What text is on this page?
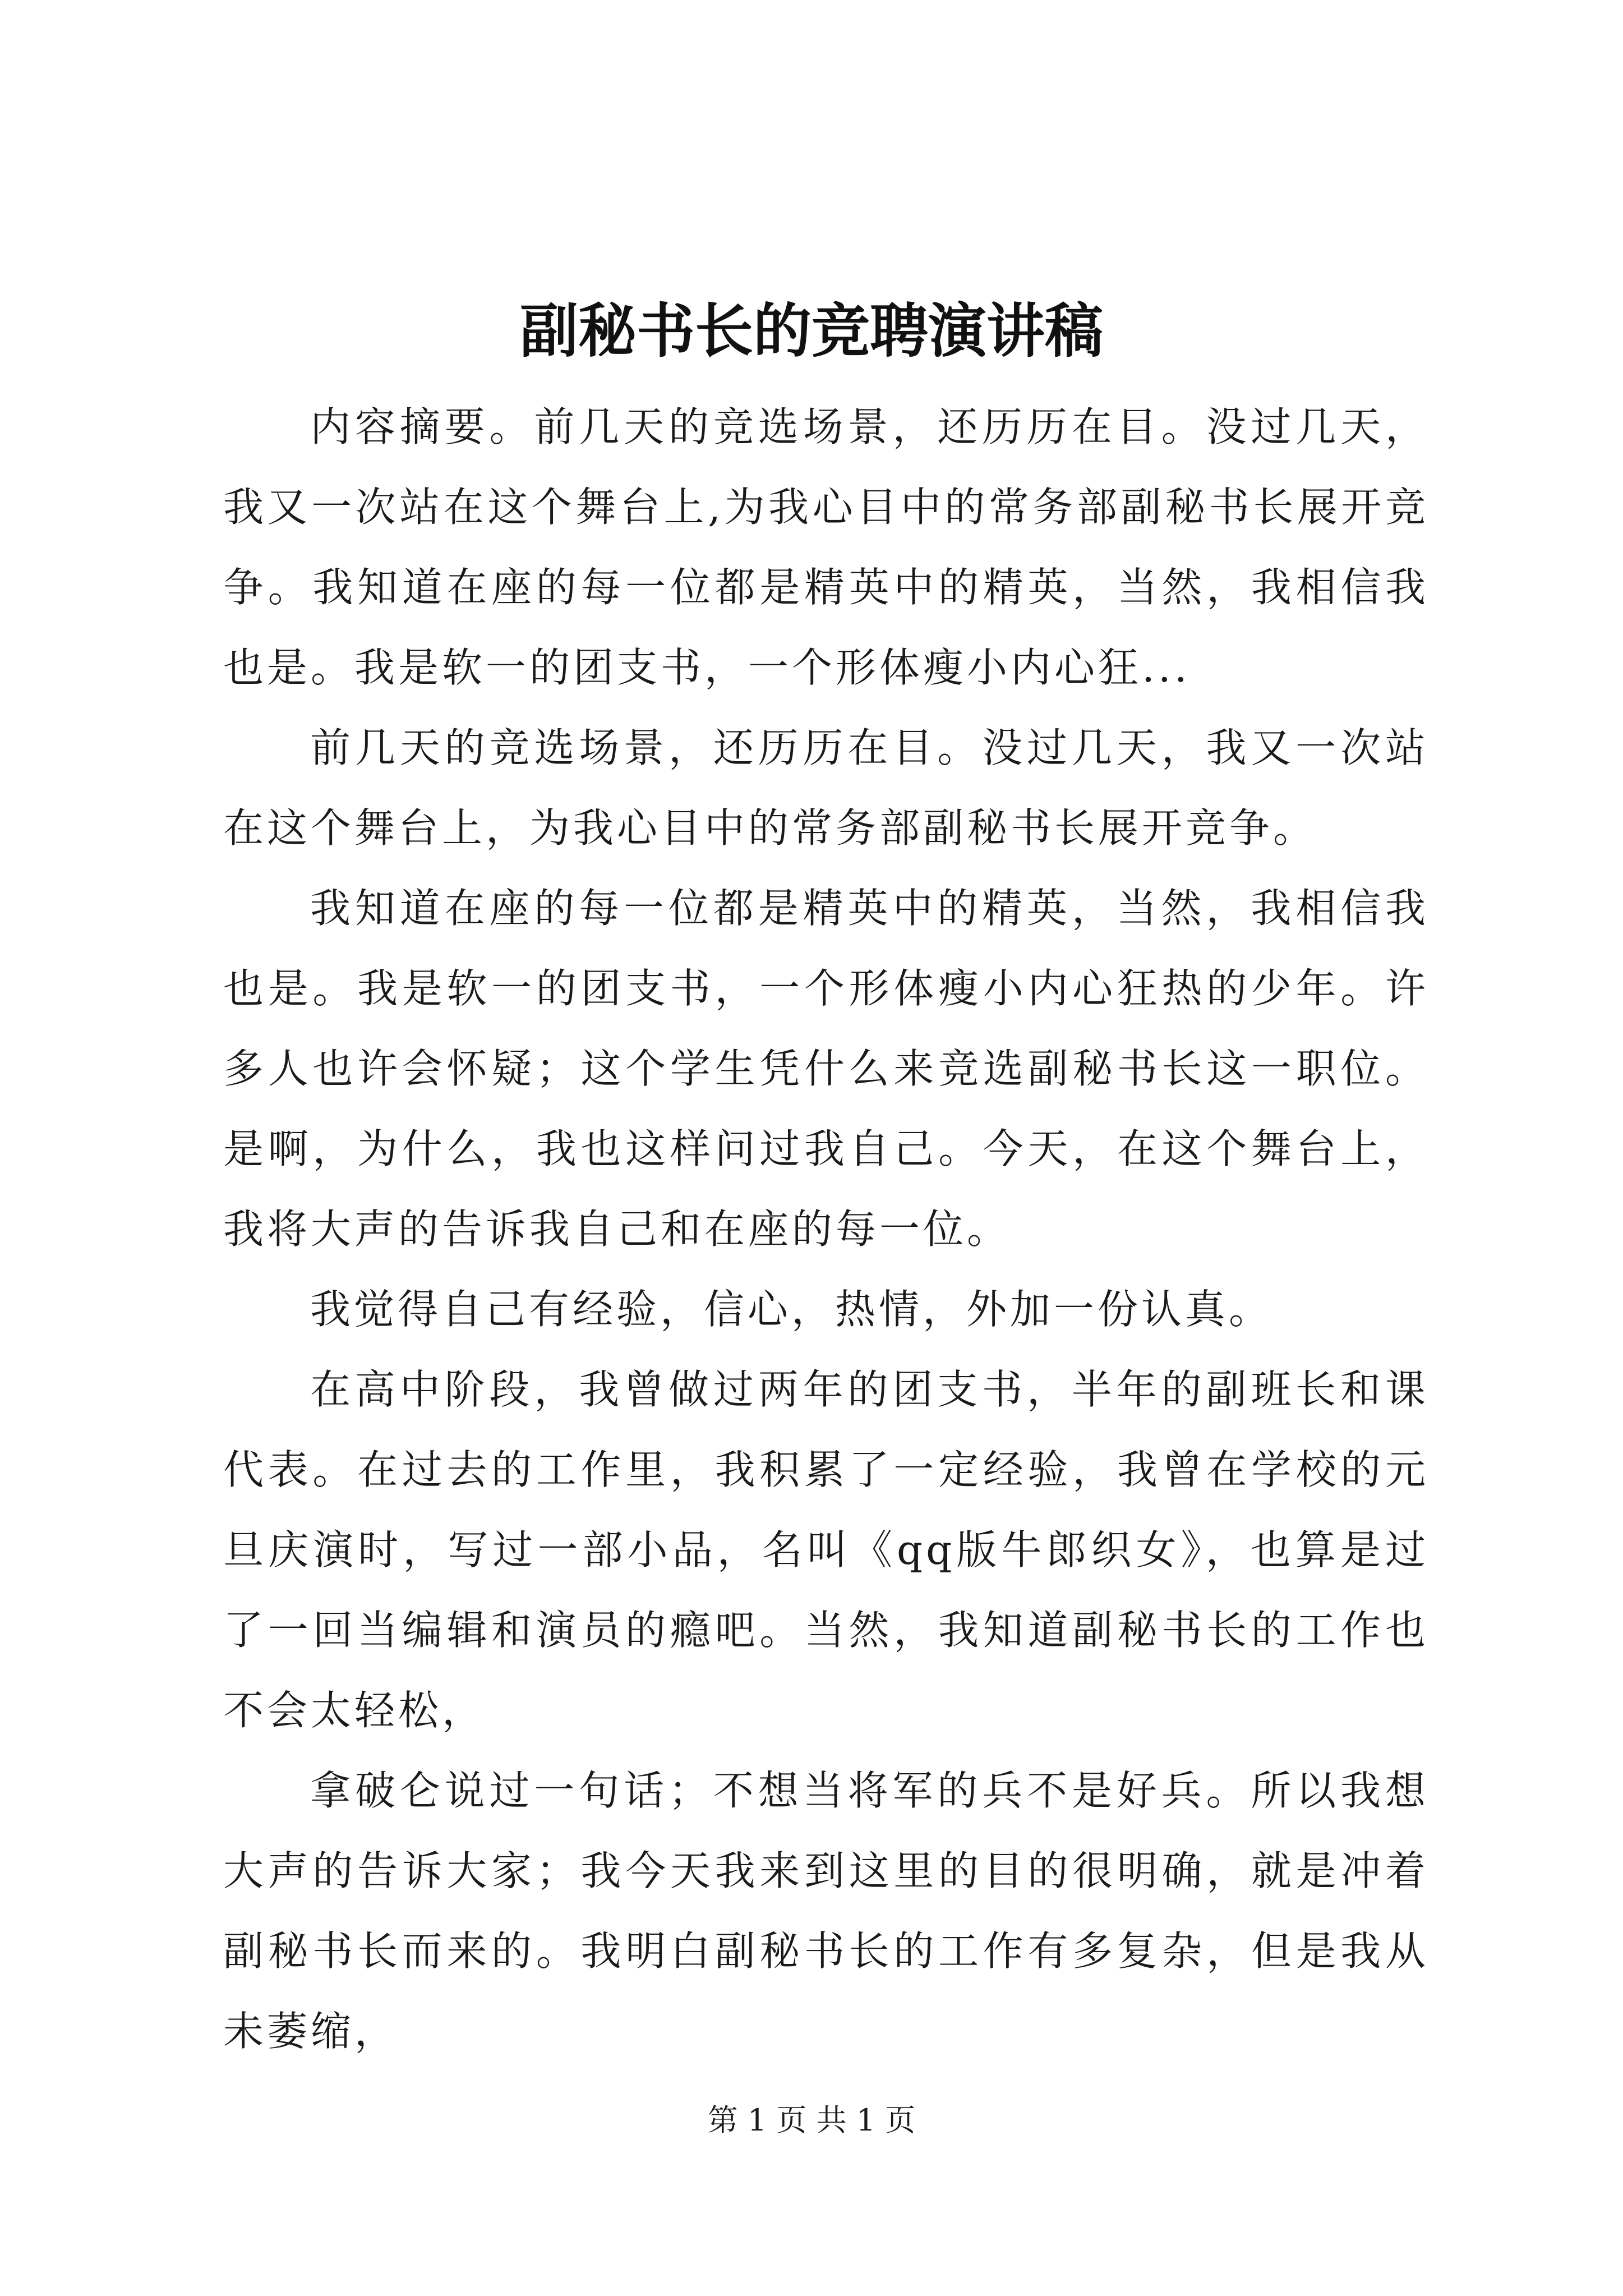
副秘书长的竞聘演讲稿

内容摘要。前几天的竞选场景，还历历在目。没过几天，我又一次站在这个舞台上,为我心目中的常务部副秘书长展开竞争。我知道在座的每一位都是精英中的精英，当然，我相信我也是。我是软一的团支书，一个形体瘦小内心狂...

前几天的竞选场景，还历历在目。没过几天，我又一次站在这个舞台上，为我心目中的常务部副秘书长展开竞争。

我知道在座的每一位都是精英中的精英，当然，我相信我也是。我是软一的团支书，一个形体瘦小内心狂热的少年。许多人也许会怀疑；这个学生凭什么来竞选副秘书长这一职位。是啊，为什么，我也这样问过我自己。今天，在这个舞台上，我将大声的告诉我自己和在座的每一位。

我觉得自己有经验，信心，热情，外加一份认真。

在高中阶段，我曾做过两年的团支书，半年的副班长和课代表。在过去的工作里，我积累了一定经验，我曾在学校的元旦庆演时，写过一部小品，名叫《qq版牛郎织女》，也算是过了一回当编辑和演员的瘾吧。当然，我知道副秘书长的工作也不会太轻松，

拿破仑说过一句话；不想当将军的兵不是好兵。所以我想大声的告诉大家；我今天我来到这里的目的很明确，就是冲着副秘书长而来的。我明白副秘书长的工作有多复杂，但是我从未萎缩，

第 1 页 共 1 页
